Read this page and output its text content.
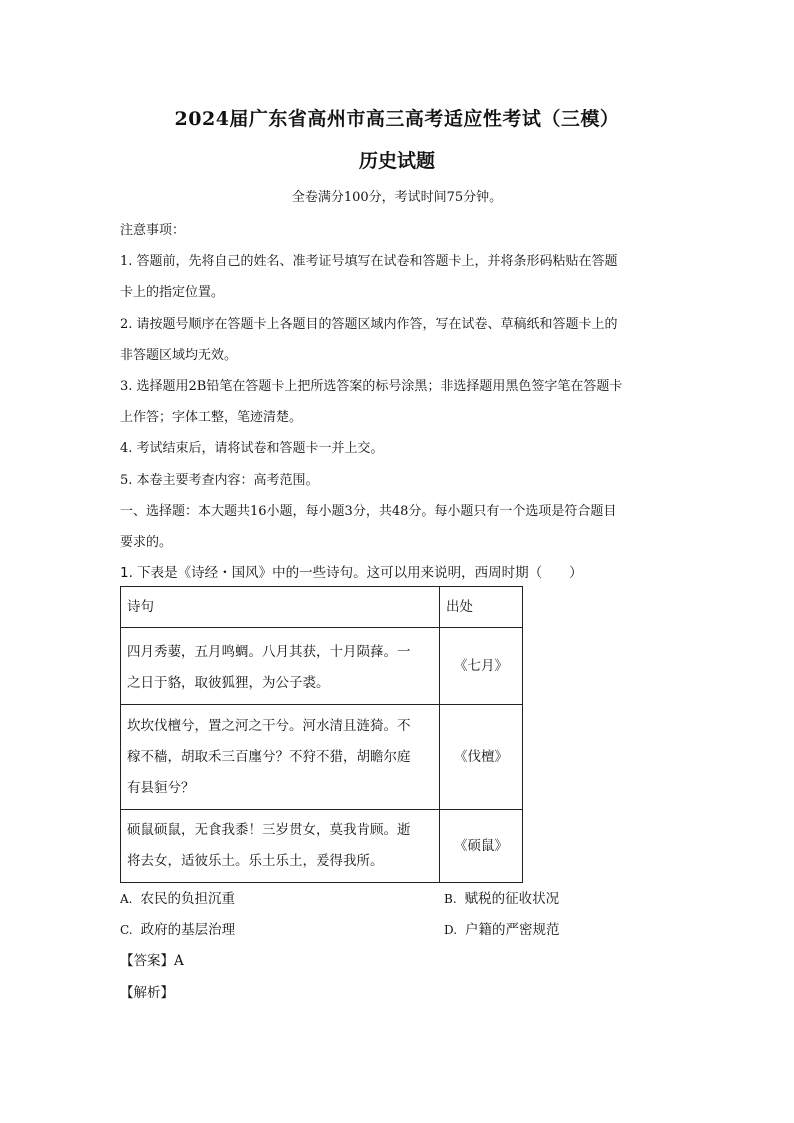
2024届广东省高州市高三高考适应性考试（三模）
历史试题
全卷满分100分，考试时间75分钟。
注意事项：
1. 答题前，先将自己的姓名、准考证号填写在试卷和答题卡上，并将条形码粘贴在答题
卡上的指定位置。
2. 请按题号顺序在答题卡上各题目的答题区域内作答，写在试卷、草稿纸和答题卡上的
非答题区域均无效。
3. 选择题用2B铅笔在答题卡上把所选答案的标号涂黑；非选择题用黑色签字笔在答题卡
上作答；字体工整，笔迹清楚。
4. 考试结束后，请将试卷和答题卡一并上交。
5. 本卷主要考查内容：高考范围。
一、选择题：本大题共16小题，每小题3分，共48分。每小题只有一个选项是符合题目
要求的。
1. 下表是《诗经・国风》中的一些诗句。这可以用来说明，西周时期（　　）
诗句	出处

四月秀葽，五月鸣蜩。八月其获，十月陨萚。一
之日于貉，取彼狐狸，为公子裘。	《七月》

坎坎伐檀兮，置之河之干兮。河水清且涟猗。不
稼不穑，胡取禾三百廛兮？不狩不猎，胡瞻尔庭
有县貆兮？	《伐檀》

硕鼠硕鼠，无食我黍！三岁贯女，莫我肯顾。逝
将去女，适彼乐土。乐土乐土，爰得我所。	《硕鼠》
A. 农民的负担沉重	B. 赋税的征收状况
C. 政府的基层治理	D. 户籍的严密规范
【答案】A
【解析】
